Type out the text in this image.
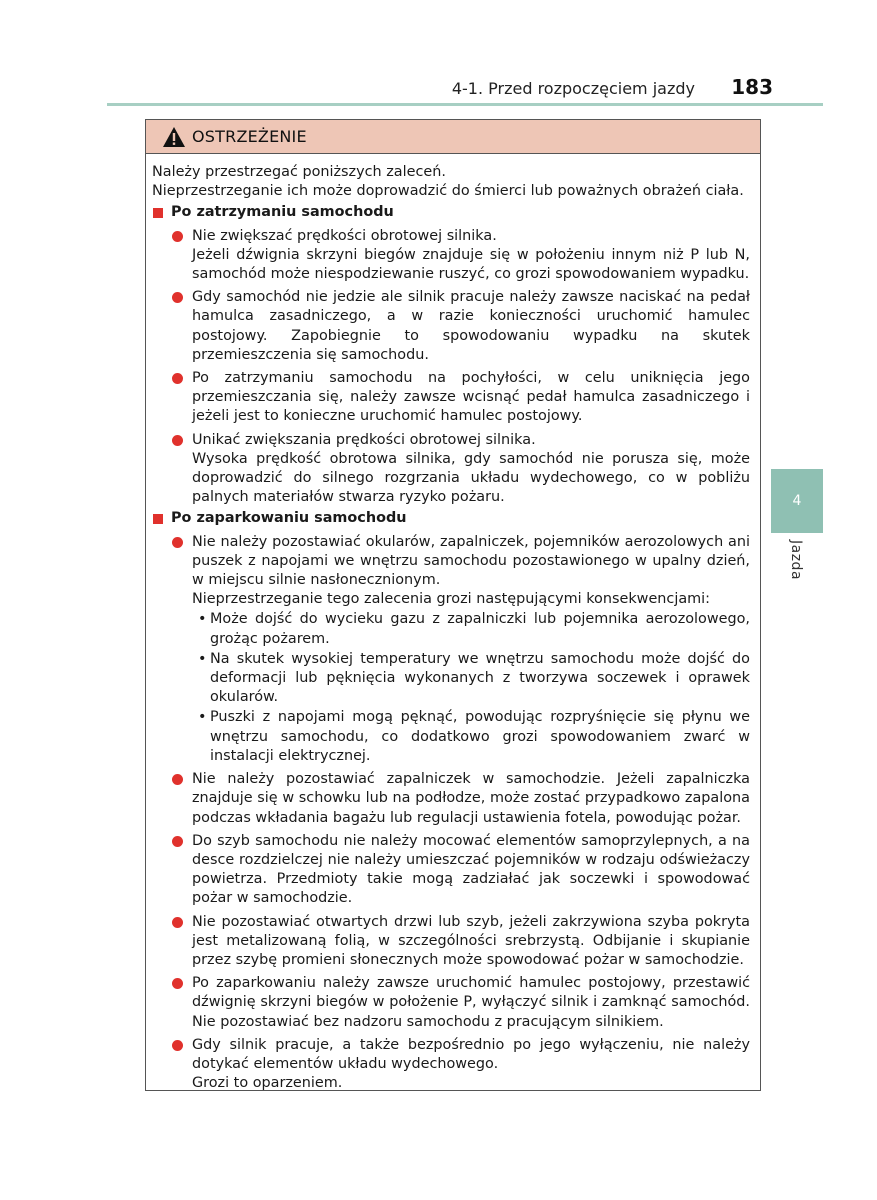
4-1. Przed rozpoczęciem jazdy 183
OSTRZEŻENIE

Należy przestrzegać poniższych zaleceń.

Nieprzestrzeganie ich może doprowadzić do śmierci lub poważnych obrażeń ciała.

Po zatrzymaniu samochodu

Nie zwiększać prędkości obrotowej silnika.

Jeżeli dźwignia skrzyni biegów znajduje się w położeniu innym niż P lub N, samochód może niespodziewanie ruszyć, co grozi spowodowaniem wypadku.

Gdy samochód nie jedzie ale silnik pracuje należy zawsze naciskać na pedał hamulca zasadniczego, a w razie konieczności uruchomić hamulec postojowy. Zapobiegnie to spowodowaniu wypadku na skutek przemieszczenia się samochodu.

Po zatrzymaniu samochodu na pochyłości, w celu uniknięcia jego przemieszczania się, należy zawsze wcisnąć pedał hamulca zasadniczego i jeżeli jest to konieczne uruchomić hamulec postojowy.

Unikać zwiększania prędkości obrotowej silnika.

Wysoka prędkość obrotowa silnika, gdy samochód nie porusza się, może doprowadzić do silnego rozgrzania układu wydechowego, co w pobliżu palnych materiałów stwarza ryzyko pożaru.

Po zaparkowaniu samochodu

Nie należy pozostawiać okularów, zapalniczek, pojemników aerozolowych ani puszek z napojami we wnętrzu samochodu pozostawionego w upalny dzień, w miejscu silnie nasłonecznionym.

Nieprzestrzeganie tego zalecenia grozi następującymi konsekwencjami:

• Może dojść do wycieku gazu z zapalniczki lub pojemnika aerozolowego, grożąc pożarem.
• Na skutek wysokiej temperatury we wnętrzu samochodu może dojść do deformacji lub pęknięcia wykonanych z tworzywa soczewek i oprawek okularów.
• Puszki z napojami mogą pęknąć, powodując rozpryśnięcie się płynu we wnętrzu samochodu, co dodatkowo grozi spowodowaniem zwarć w instalacji elektrycznej.

Nie należy pozostawiać zapalniczek w samochodzie. Jeżeli zapalniczka znajduje się w schowku lub na podłodze, może zostać przypadkowo zapalona podczas wkładania bagażu lub regulacji ustawienia fotela, powodując pożar.

Do szyb samochodu nie należy mocować elementów samoprzylepnych, a na desce rozdzielczej nie należy umieszczać pojemników w rodzaju odświeżaczy powietrza. Przedmioty takie mogą zadziałać jak soczewki i spowodować pożar w samochodzie.

Nie pozostawiać otwartych drzwi lub szyb, jeżeli zakrzywiona szyba pokryta jest metalizowaną folią, w szczególności srebrzystą. Odbijanie i skupianie przez szybę promieni słonecznych może spowodować pożar w samochodzie.

Po zaparkowaniu należy zawsze uruchomić hamulec postojowy, przestawić dźwignię skrzyni biegów w położenie P, wyłączyć silnik i zamknąć samochód. Nie pozostawiać bez nadzoru samochodu z pracującym silnikiem.

Gdy silnik pracuje, a także bezpośrednio po jego wyłączeniu, nie należy dotykać elementów układu wydechowego.

Grozi to oparzeniem.

4
Jazda
